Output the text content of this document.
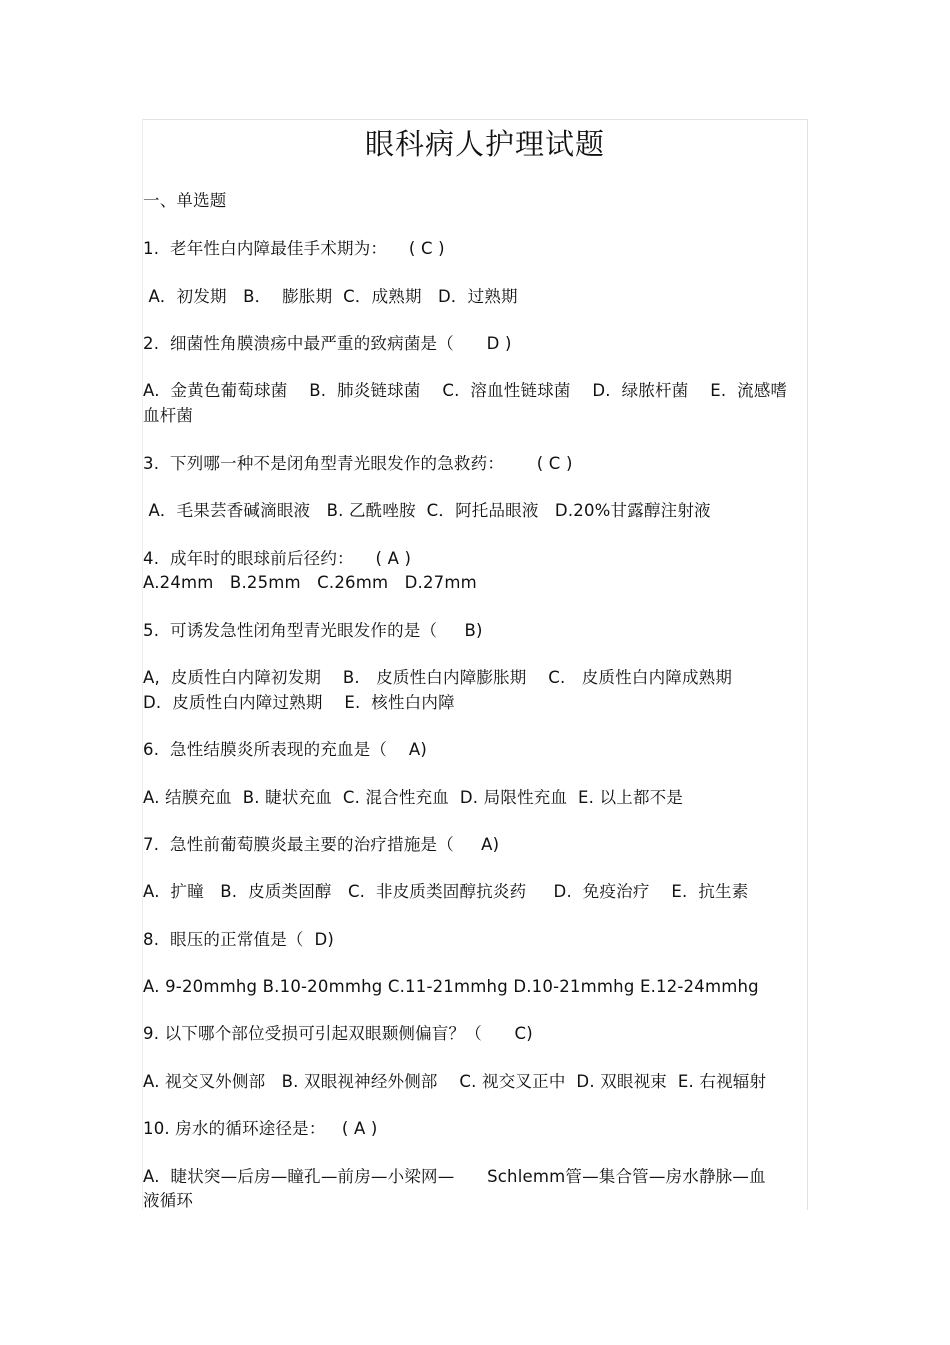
眼科病人护理试题
一、单选题
1.  老年性白内障最佳手术期为：    ( C )
A．初发期   B．  膨胀期  C．成熟期   D．过熟期
2.  细菌性角膜溃疡中最严重的致病菌是（      D )
A.  金黄色葡萄球菌    B.  肺炎链球菌    C.  溶血性链球菌    D.  绿脓杆菌    E.  流感嗜
血杆菌
3.  下列哪一种不是闭角型青光眼发作的急救药：      ( C )
A．毛果芸香碱滴眼液   B. 乙酰唑胺  C．阿托品眼液   D.20%甘露醇注射液
4.  成年时的眼球前后径约：    ( A )
A.24mm   B.25mm   C.26mm   D.27mm
5.  可诱发急性闭角型青光眼发作的是（     B)
A,  皮质性白内障初发期    B.   皮质性白内障膨胀期    C.   皮质性白内障成熟期
D.  皮质性白内障过熟期    E.  核性白内障
6.  急性结膜炎所表现的充血是（    A)
A. 结膜充血  B. 睫状充血  C. 混合性充血  D. 局限性充血  E. 以上都不是
7.  急性前葡萄膜炎最主要的治疗措施是（     A)
A.  扩瞳   B.  皮质类固醇   C.  非皮质类固醇抗炎药     D.  免疫治疗    E.  抗生素
8.  眼压的正常值是（  D)
A. 9-20mmhg B.10-20mmhg C.11-21mmhg D.10-21mmhg E.12-24mmhg
9. 以下哪个部位受损可引起双眼颞侧偏盲？（      C)
A. 视交叉外侧部   B. 双眼视神经外侧部    C. 视交叉正中  D. 双眼视束  E. 右视辐射
10. 房水的循环途径是：   ( A )
A.  睫状突—后房—瞳孔—前房—小梁网—      Schlemm管—集合管—房水静脉—血
液循环
